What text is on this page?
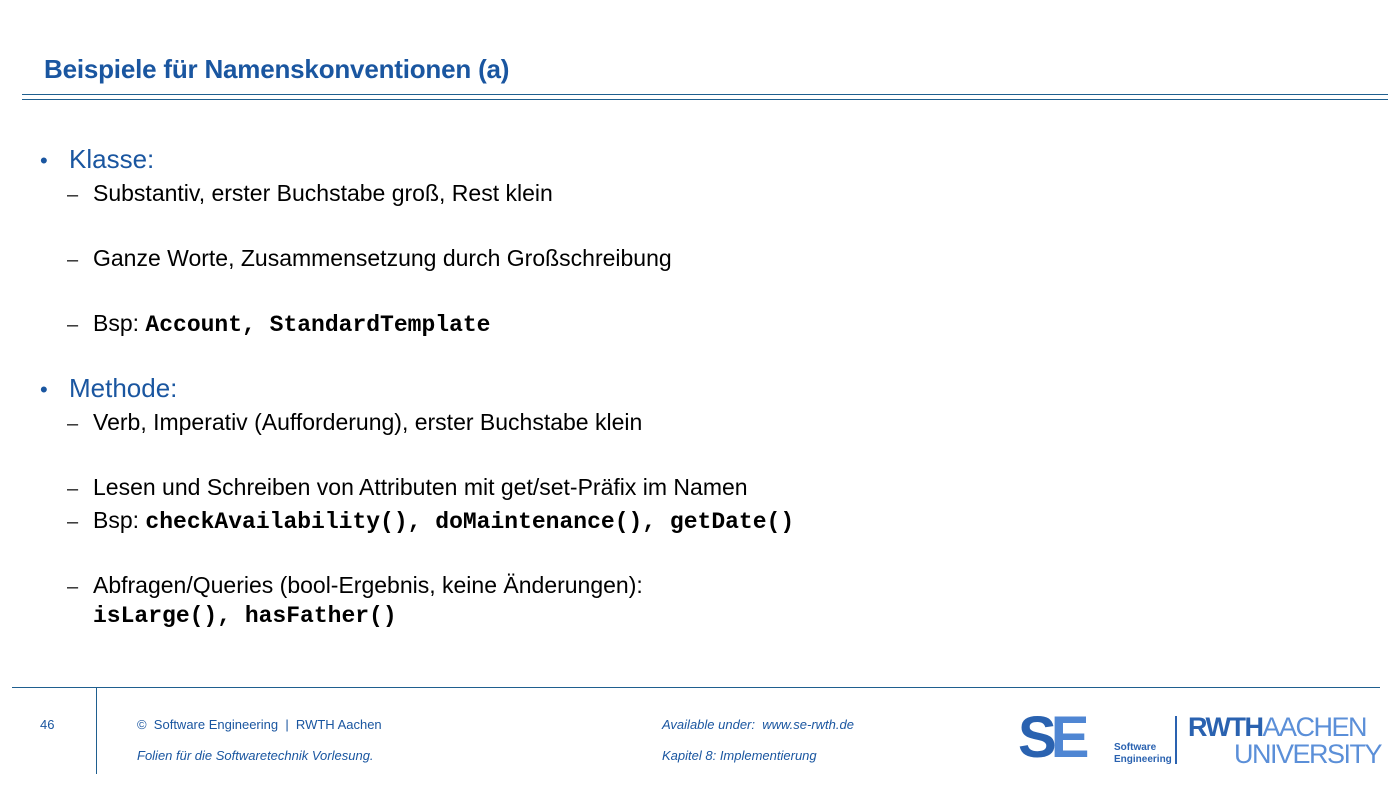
Beispiele für Namenskonventionen (a)
• Klasse:
– Substantiv, erster Buchstabe groß, Rest klein
– Ganze Worte, Zusammensetzung durch Großschreibung
– Bsp: Account, StandardTemplate
• Methode:
– Verb, Imperativ (Aufforderung), erster Buchstabe klein
– Lesen und Schreiben von Attributen mit get/set-Präfix im Namen
– Bsp: checkAvailability(), doMaintenance(), getDate()
– Abfragen/Queries (bool-Ergebnis, keine Änderungen):
isLarge(), hasFather()
46	©  Software Engineering  |  RWTH Aachen
Folien für die Softwaretechnik Vorlesung.
Available under:  www.se-rwth.de
Kapitel 8: Implementierung	SE	Software
Engineering
RWTHAACHEN
UNIVERSITY
